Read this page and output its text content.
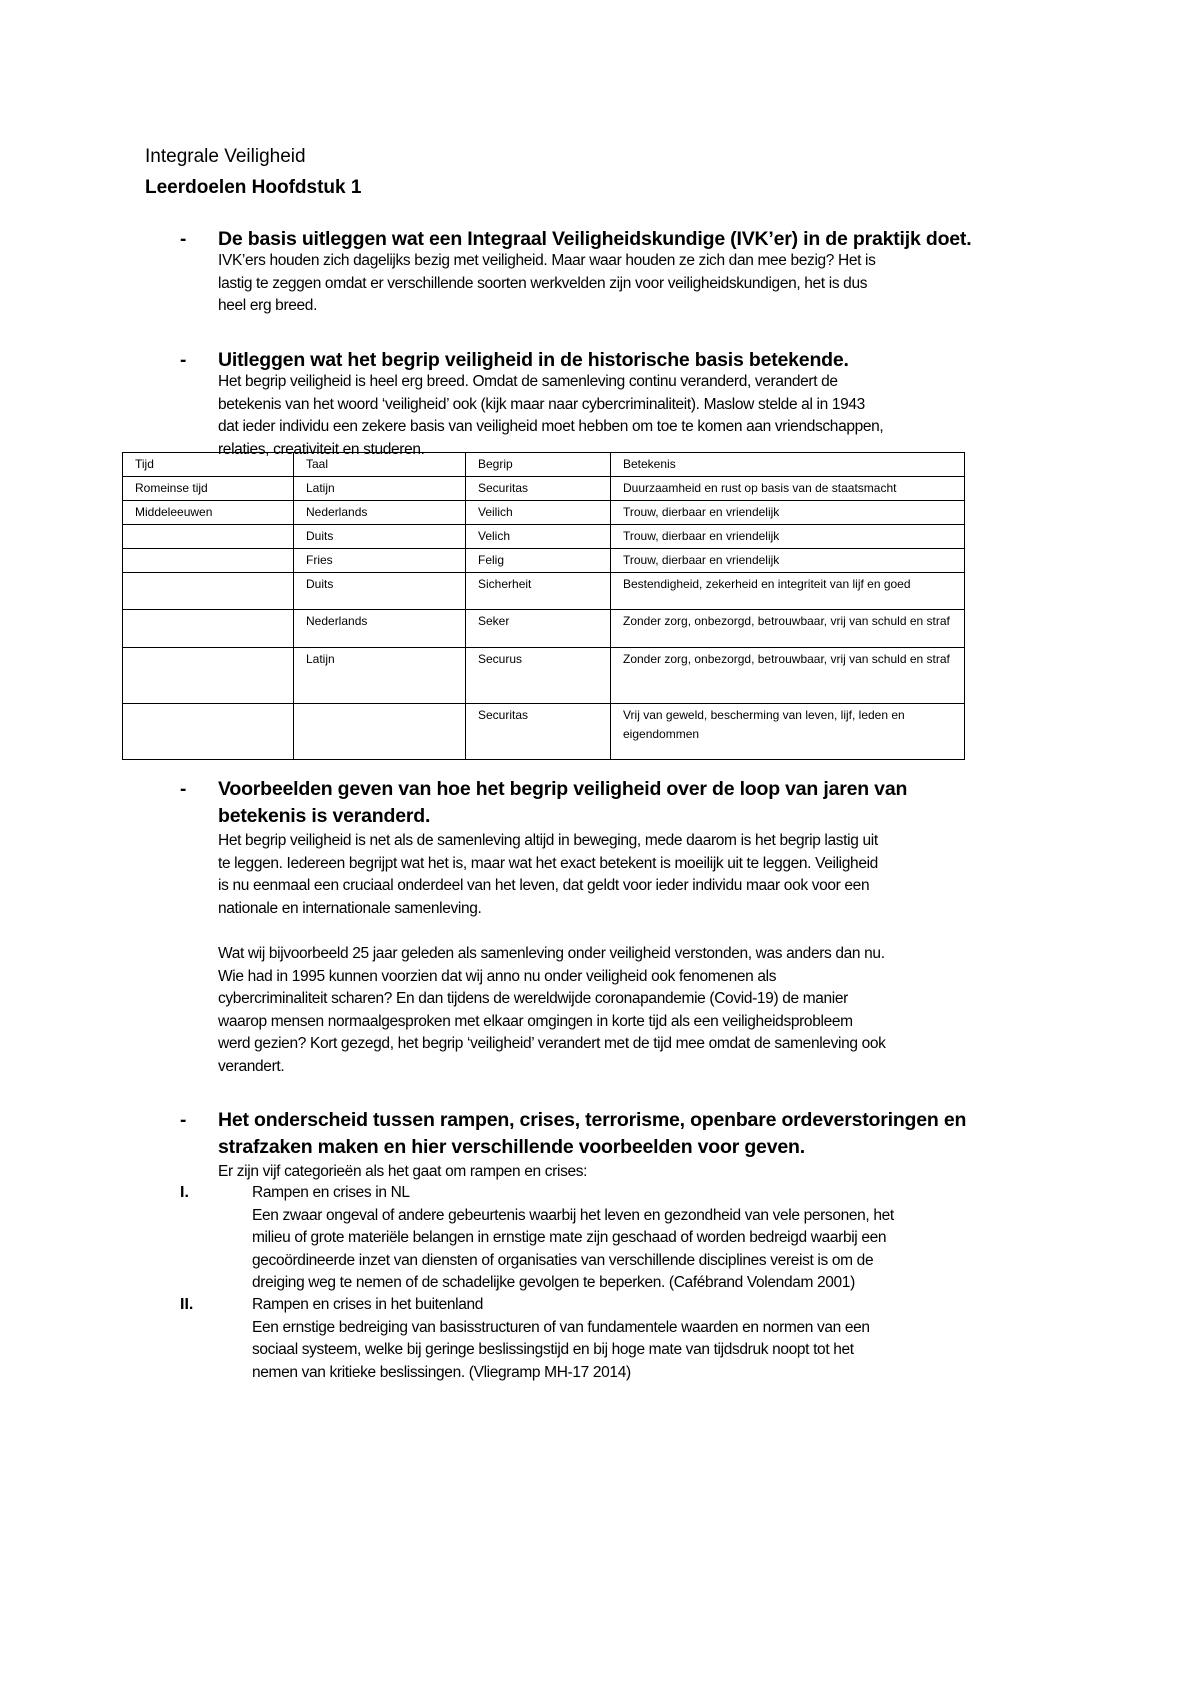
Integrale Veiligheid
Leerdoelen Hoofdstuk 1
- De basis uitleggen wat een Integraal Veiligheidskundige (IVK’er) in de praktijk doet.
IVK’ers houden zich dagelijks bezig met veiligheid. Maar waar houden ze zich dan mee bezig? Het is
lastig te zeggen omdat er verschillende soorten werkvelden zijn voor veiligheidskundigen, het is dus
heel erg breed.
- Uitleggen wat het begrip veiligheid in de historische basis betekende.
Het begrip veiligheid is heel erg breed. Omdat de samenleving continu veranderd, verandert de
betekenis van het woord ‘veiligheid’ ook (kijk maar naar cybercriminaliteit). Maslow stelde al in 1943
dat ieder individu een zekere basis van veiligheid moet hebben om toe te komen aan vriendschappen,
relaties, creativiteit en studeren.
- Voorbeelden geven van hoe het begrip veiligheid over de loop van jaren van
betekenis is veranderd.
Het begrip veiligheid is net als de samenleving altijd in beweging, mede daarom is het begrip lastig uit
te leggen. Iedereen begrijpt wat het is, maar wat het exact betekent is moeilijk uit te leggen. Veiligheid
is nu eenmaal een cruciaal onderdeel van het leven, dat geldt voor ieder individu maar ook voor een
nationale en internationale samenleving.

Wat wij bijvoorbeeld 25 jaar geleden als samenleving onder veiligheid verstonden, was anders dan nu.
Wie had in 1995 kunnen voorzien dat wij anno nu onder veiligheid ook fenomenen als
cybercriminaliteit scharen? En dan tijdens de wereldwijde coronapandemie (Covid-19) de manier
waarop mensen normaalgesproken met elkaar omgingen in korte tijd als een veiligheidsprobleem
werd gezien? Kort gezegd, het begrip ‘veiligheid’ verandert met de tijd mee omdat de samenleving ook
verandert.
- Het onderscheid tussen rampen, crises, terrorisme, openbare ordeverstoringen en
strafzaken maken en hier verschillende voorbeelden voor geven.
Er zijn vijf categorieën als het gaat om rampen en crises:
Tijd	Taal	Begrip	Betekenis
Romeinse tijd	Latijn	Securitas	Duurzaamheid en rust op basis van de staatsmacht
Middeleeuwen	Nederlands	Veilich	Trouw, dierbaar en vriendelijk
	Duits	Velich	Trouw, dierbaar en vriendelijk
	Fries	Felig	Trouw, dierbaar en vriendelijk
	Duits	Sicherheit	Bestendigheid, zekerheid en integriteit van lijf en goed
	Nederlands	Seker	Zonder zorg, onbezorgd, betrouwbaar, vrij van schuld en straf
	Latijn	Securus	Zonder zorg, onbezorgd, betrouwbaar, vrij van schuld en straf
		Securitas	Vrij van geweld, bescherming van leven, lijf, leden en eigendommen
I.	Rampen en crises in NL
Een zwaar ongeval of andere gebeurtenis waarbij het leven en gezondheid van vele personen, het
milieu of grote materiële belangen in ernstige mate zijn geschaad of worden bedreigd waarbij een
gecoördineerde inzet van diensten of organisaties van verschillende disciplines vereist is om de
dreiging weg te nemen of de schadelijke gevolgen te beperken. (Cafébrand Volendam 2001)
II.	Rampen en crises in het buitenland
Een ernstige bedreiging van basisstructuren of van fundamentele waarden en normen van een
sociaal systeem, welke bij geringe beslissingstijd en bij hoge mate van tijdsdruk noopt tot het
nemen van kritieke beslissingen. (Vliegramp MH-17 2014)
